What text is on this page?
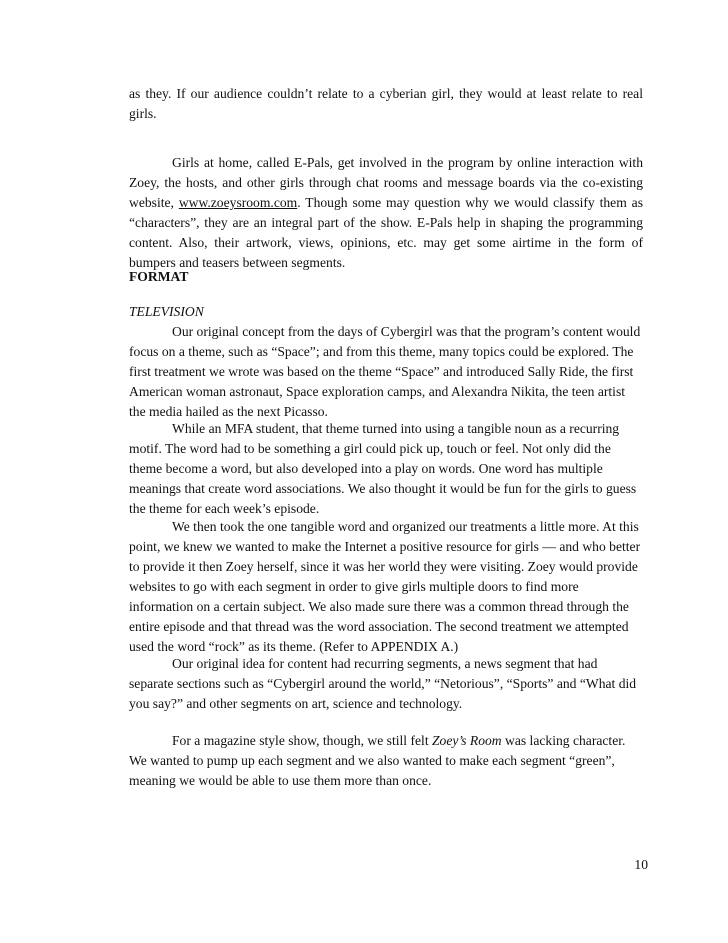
as they. If our audience couldn’t relate to a cyberian girl, they would at least relate to real girls.

Girls at home, called E-Pals, get involved in the program by online interaction with Zoey, the hosts, and other girls through chat rooms and message boards via the co-existing website, www.zoeysroom.com. Though some may question why we would classify them as “characters”, they are an integral part of the show. E-Pals help in shaping the programming content. Also, their artwork, views, opinions, etc. may get some airtime in the form of bumpers and teasers between segments.

FORMAT

TELEVISION

Our original concept from the days of Cybergirl was that the program’s content would focus on a theme, such as “Space”; and from this theme, many topics could be explored. The first treatment we wrote was based on the theme “Space” and introduced Sally Ride, the first American woman astronaut, Space exploration camps, and Alexandra Nikita, the teen artist the media hailed as the next Picasso.

While an MFA student, that theme turned into using a tangible noun as a recurring motif. The word had to be something a girl could pick up, touch or feel. Not only did the theme become a word, but also developed into a play on words. One word has multiple meanings that create word associations. We also thought it would be fun for the girls to guess the theme for each week’s episode.

We then took the one tangible word and organized our treatments a little more. At this point, we knew we wanted to make the Internet a positive resource for girls — and who better to provide it then Zoey herself, since it was her world they were visiting. Zoey would provide websites to go with each segment in order to give girls multiple doors to find more information on a certain subject. We also made sure there was a common thread through the entire episode and that thread was the word association. The second treatment we attempted used the word “rock” as its theme. (Refer to APPENDIX A.)

Our original idea for content had recurring segments, a news segment that had separate sections such as “Cybergirl around the world,” “Netorious”, “Sports” and “What did you say?” and other segments on art, science and technology.

For a magazine style show, though, we still felt Zoey’s Room was lacking character. We wanted to pump up each segment and we also wanted to make each segment “green”, meaning we would be able to use them more than once.

10
